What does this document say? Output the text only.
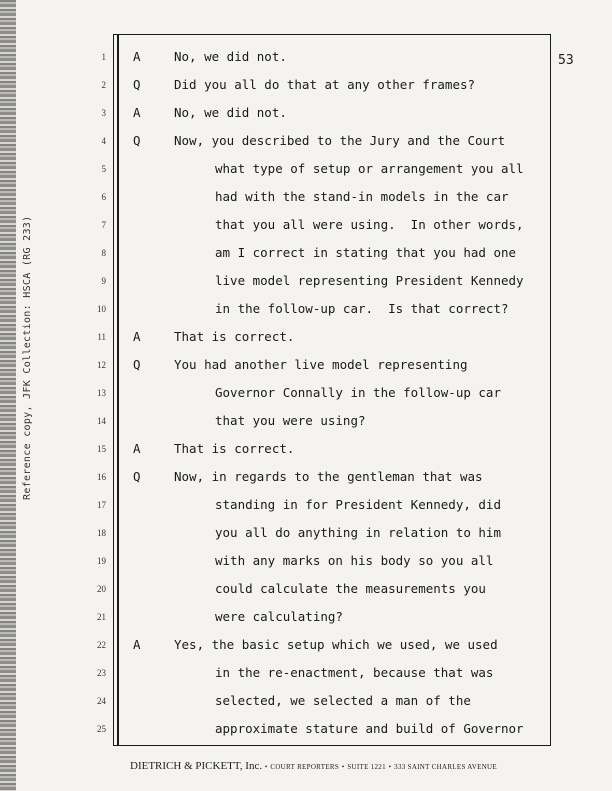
Reference copy, JFK Collection: HSCA (RG 233)
53
1 A	No, we did not.
2 Q	Did you all do that at any other frames?
3 A	No, we did not.
4 Q	Now, you described to the Jury and the Court
5	what type of setup or arrangement you all
6	had with the stand-in models in the car
7	that you all were using.  In other words,
8	am I correct in stating that you had one
9	live model representing President Kennedy
10	in the follow-up car.  Is that correct?
11 A	That is correct.
12 Q	You had another live model representing
13	Governor Connally in the follow-up car
14	that you were using?
15 A	That is correct.
16 Q	Now, in regards to the gentleman that was
17	standing in for President Kennedy, did
18	you all do anything in relation to him
19	with any marks on his body so you all
20	could calculate the measurements you
21	were calculating?
22 A	Yes, the basic setup which we used, we used
23	in the re-enactment, because that was
24	selected, we selected a man of the
25	approximate stature and build of Governor
DIETRICH & PICKETT, Inc. • COURT REPORTERS • SUITE 1221 • 333 SAINT CHARLES AVENUE
